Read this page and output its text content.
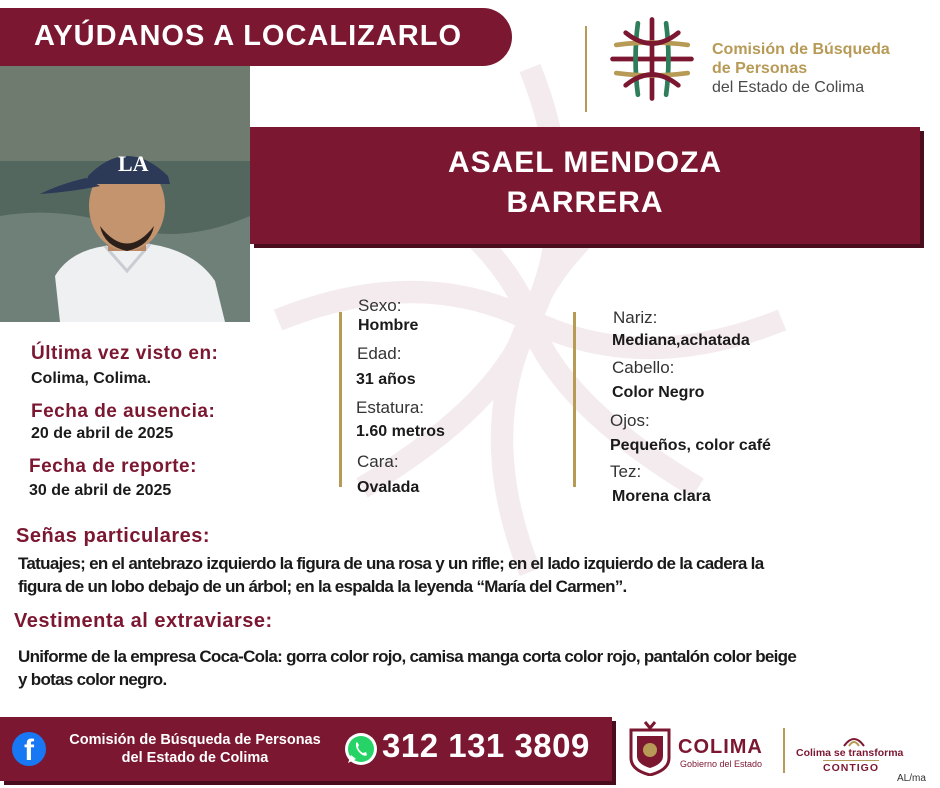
AYÚDANOS A LOCALIZARLO
LA
Comisión de Búsqueda
de Personas
del Estado de Colima
ASAEL MENDOZA
BARRERA
Última vez visto en:
Colima, Colima.
Fecha de ausencia:
20 de abril de 2025
Fecha de reporte:
30 de abril de 2025
Sexo:
Hombre
Edad:
31 años
Estatura:
1.60 metros
Cara:
Ovalada
Nariz:
Mediana,achatada
Cabello:
Color Negro
Ojos:
Pequeños, color café
Tez:
Morena clara
Señas particulares:
Tatuajes; en el antebrazo izquierdo la figura de una rosa y un rifle; en el lado izquierdo de la cadera la
figura de un lobo debajo de un árbol; en la espalda la leyenda “María del Carmen”.
Vestimenta al extraviarse:
Uniforme de la empresa Coca-Cola: gorra color rojo, camisa manga corta color rojo, pantalón color beige
y botas color negro.
f	Comisión de Búsqueda de Personas
del Estado de Colima	312 131 3809	COLIMA
Gobierno del Estado
Colima se transforma
CONTIGO
AL/ma
